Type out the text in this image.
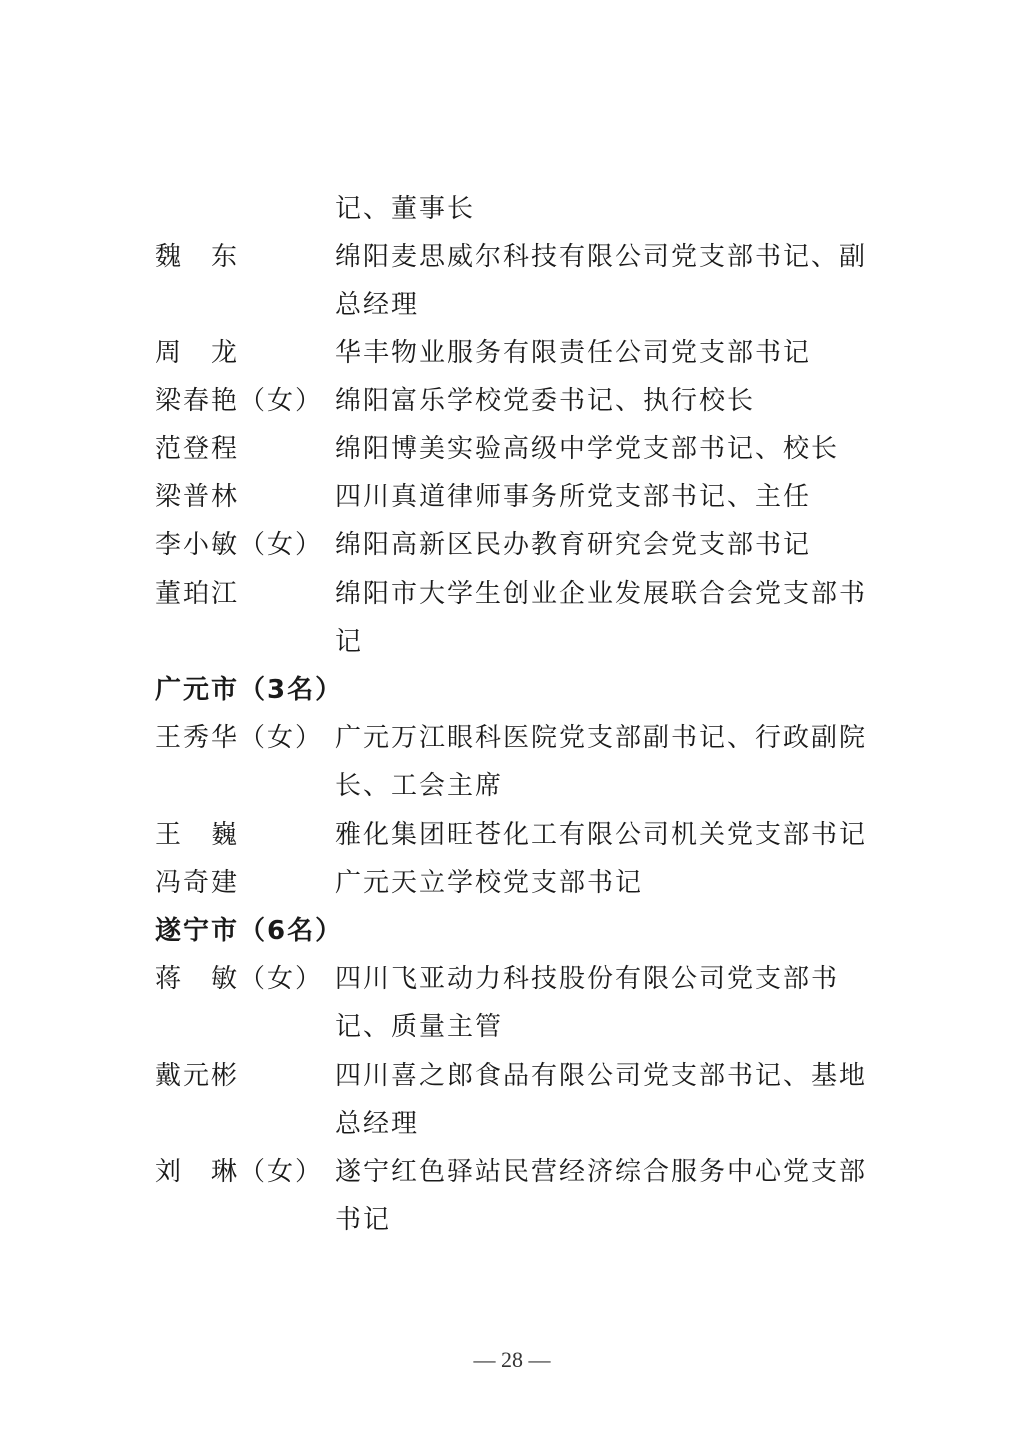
记、董事长
魏　东	绵阳麦思威尔科技有限公司党支部书记、副
总经理
周　龙	华丰物业服务有限责任公司党支部书记
梁春艳（女） 绵阳富乐学校党委书记、执行校长
范登程	绵阳博美实验高级中学党支部书记、校长
梁普林	四川真道律师事务所党支部书记、主任
李小敏（女） 绵阳高新区民办教育研究会党支部书记
董珀江	绵阳市大学生创业企业发展联合会党支部书
记
广元市（3名）
王秀华（女） 广元万江眼科医院党支部副书记、行政副院
长、工会主席
王　巍	雅化集团旺苍化工有限公司机关党支部书记
冯奇建	广元天立学校党支部书记
遂宁市（6名）
蒋　敏（女） 四川飞亚动力科技股份有限公司党支部书
记、质量主管
戴元彬	四川喜之郎食品有限公司党支部书记、基地
总经理
刘　琳（女） 遂宁红色驿站民营经济综合服务中心党支部
书记
— 28 —
